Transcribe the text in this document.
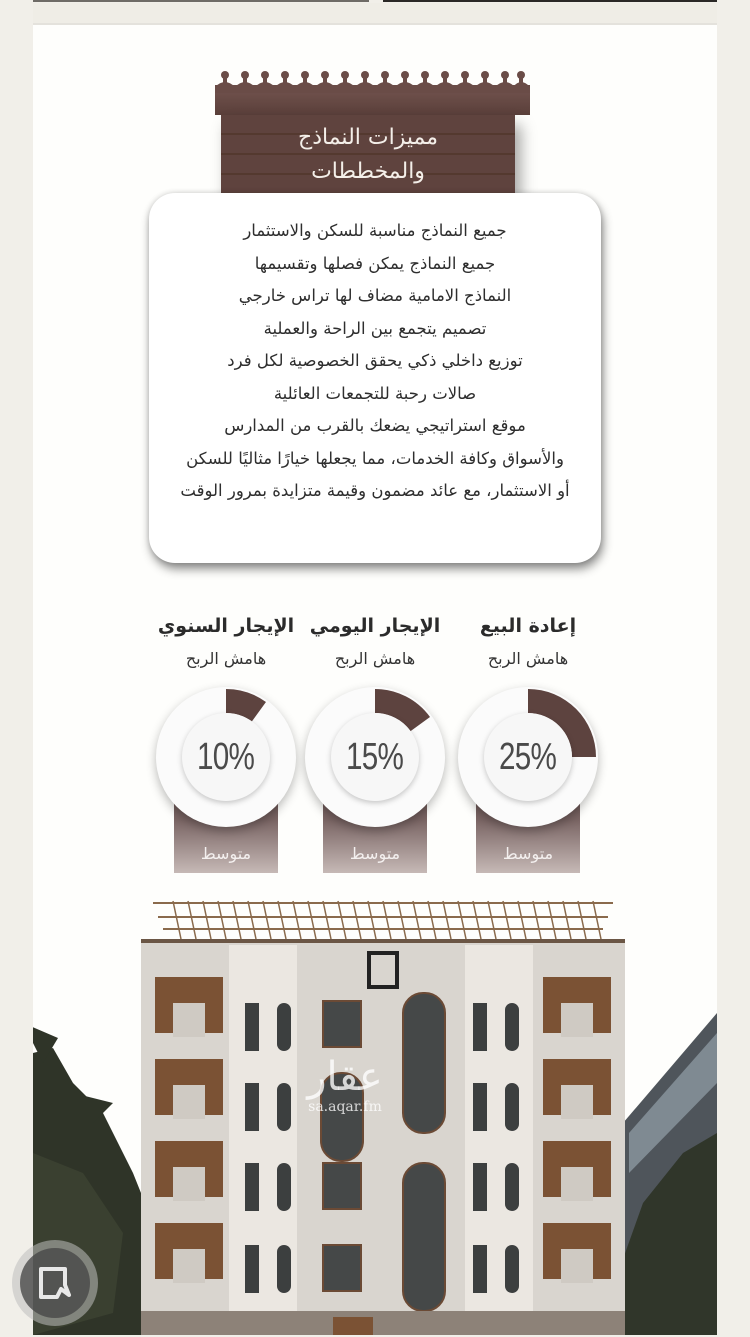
مميزات النماذج
والمخططات
جميع النماذج مناسبة للسكن والاستثمار
جميع النماذج يمكن فصلها وتقسيمها
النماذج الامامية مضاف لها تراس خارجي
تصميم يتجمع بين الراحة والعملية
توزيع داخلي ذكي يحقق الخصوصية لكل فرد
صالات رحبة للتجمعات العائلية
موقع استراتيجي يضعك بالقرب من المدارس
والأسواق وكافة الخدمات، مما يجعلها خيارًا مثاليًا للسكن
أو الاستثمار، مع عائد مضمون وقيمة متزايدة بمرور الوقت
الإيجار السنوي
هامش الربح
متوسط
10%
الإيجار اليومي
هامش الربح
متوسط
15%
إعادة البيع
هامش الربح
متوسط
25%
عقار
sa.aqar.fm
